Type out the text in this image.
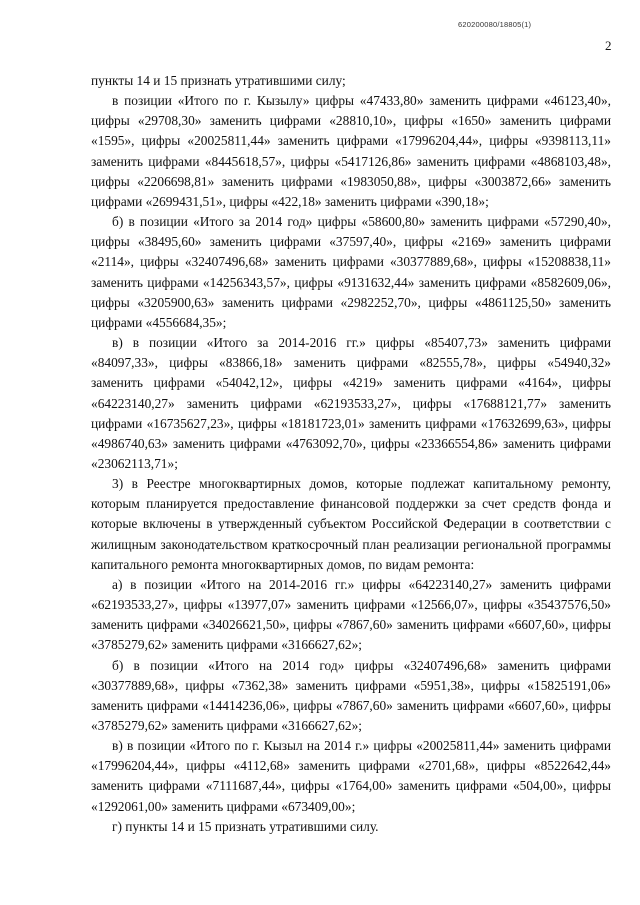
620200080/18805(1)
2

пункты 14 и 15 признать утратившими силу;

в позиции «Итого по г. Кызылу» цифры «47433,80» заменить цифрами «46123,40», цифры «29708,30» заменить цифрами «28810,10», цифры «1650» заменить цифрами «1595», цифры «20025811,44» заменить цифрами «17996204,44», цифры «9398113,11» заменить цифрами «8445618,57», цифры «5417126,86» заменить цифрами «4868103,48», цифры «2206698,81» заменить цифрами «1983050,88», цифры «3003872,66» заменить цифрами «2699431,51», цифры «422,18» заменить цифрами «390,18»;

б) в позиции «Итого за 2014 год» цифры «58600,80» заменить цифрами «57290,40», цифры «38495,60» заменить цифрами «37597,40», цифры «2169» заменить цифрами «2114», цифры «32407496,68» заменить цифрами «30377889,68», цифры «15208838,11» заменить цифрами «14256343,57», цифры «9131632,44» заменить цифрами «8582609,06», цифры «3205900,63» заменить цифрами «2982252,70», цифры «4861125,50» заменить цифрами «4556684,35»;

в) в позиции «Итого за 2014-2016 гг.» цифры «85407,73» заменить цифрами «84097,33», цифры «83866,18» заменить цифрами «82555,78», цифры «54940,32» заменить цифрами «54042,12», цифры «4219» заменить цифрами «4164», цифры «64223140,27» заменить цифрами «62193533,27», цифры «17688121,77» заменить цифрами «16735627,23», цифры «18181723,01» заменить цифрами «17632699,63», цифры «4986740,63» заменить цифрами «4763092,70», цифры «23366554,86» заменить цифрами «23062113,71»;

3) в Реестре многоквартирных домов, которые подлежат капитальному ремонту, которым планируется предоставление финансовой поддержки за счет средств фонда и которые включены в утвержденный субъектом Российской Федерации в соответствии с жилищным законодательством краткосрочный план реализации региональной программы капитального ремонта многоквартирных домов, по видам ремонта:

а) в позиции «Итого на 2014-2016 гг.» цифры «64223140,27» заменить цифрами «62193533,27», цифры «13977,07» заменить цифрами «12566,07», цифры «35437576,50» заменить цифрами «34026621,50», цифры «7867,60» заменить цифрами «6607,60», цифры «3785279,62» заменить цифрами «3166627,62»;

б) в позиции «Итого на 2014 год» цифры «32407496,68» заменить цифрами «30377889,68», цифры «7362,38» заменить цифрами «5951,38», цифры «15825191,06» заменить цифрами «14414236,06», цифры «7867,60» заменить цифрами «6607,60», цифры «3785279,62» заменить цифрами «3166627,62»;

в) в позиции «Итого по г. Кызыл на 2014 г.» цифры «20025811,44» заменить цифрами «17996204,44», цифры «4112,68» заменить цифрами «2701,68», цифры «8522642,44» заменить цифрами «7111687,44», цифры «1764,00» заменить цифрами «504,00», цифры «1292061,00» заменить цифрами «673409,00»;

г) пункты 14 и 15 признать утратившими силу.
